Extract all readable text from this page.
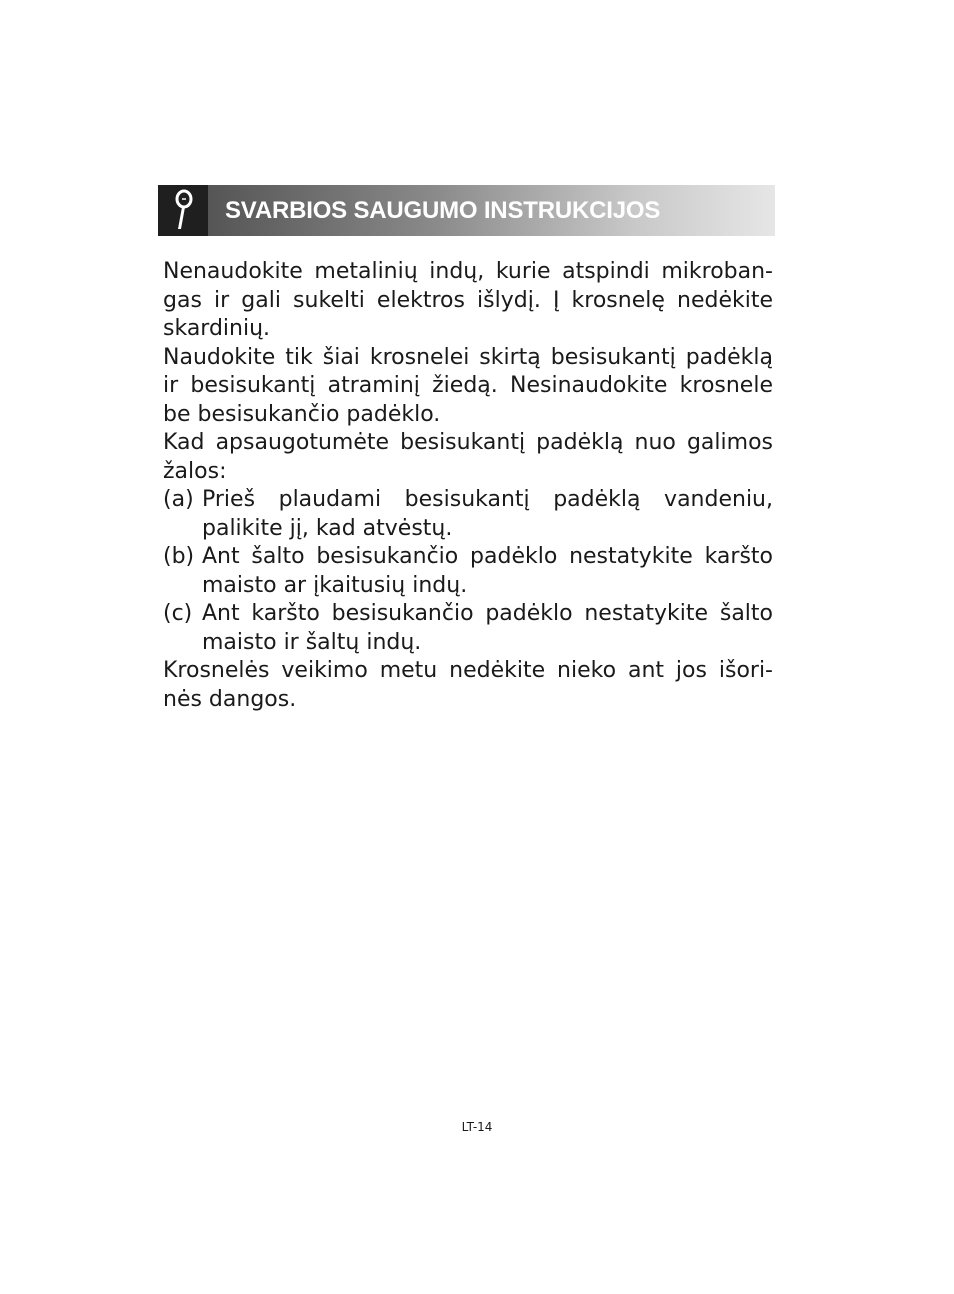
SVARBIOS SAUGUMO INSTRUKCIJOS

Nenaudokite metalinių indų, kurie atspindi mikroban-gas ir gali sukelti elektros išlydį. Į krosnelę nedėkite skardinių.

Naudokite tik šiai krosnelei skirtą besisukantį padėklą ir besisukantį atraminį žiedą. Nesinaudokite krosnele be besisukančio padėklo.

Kad apsaugotumėte besisukantį padėklą nuo galimos žalos:

(a) Prieš plaudami besisukantį padėklą vandeniu, palikite jį, kad atvėstų.
(b) Ant šalto besisukančio padėklo nestatykite karšto maisto ar įkaitusių indų.
(c) Ant karšto besisukančio padėklo nestatykite šalto maisto ir šaltų indų.

Krosnelės veikimo metu nedėkite nieko ant jos išori-nės dangos.

LT-14
